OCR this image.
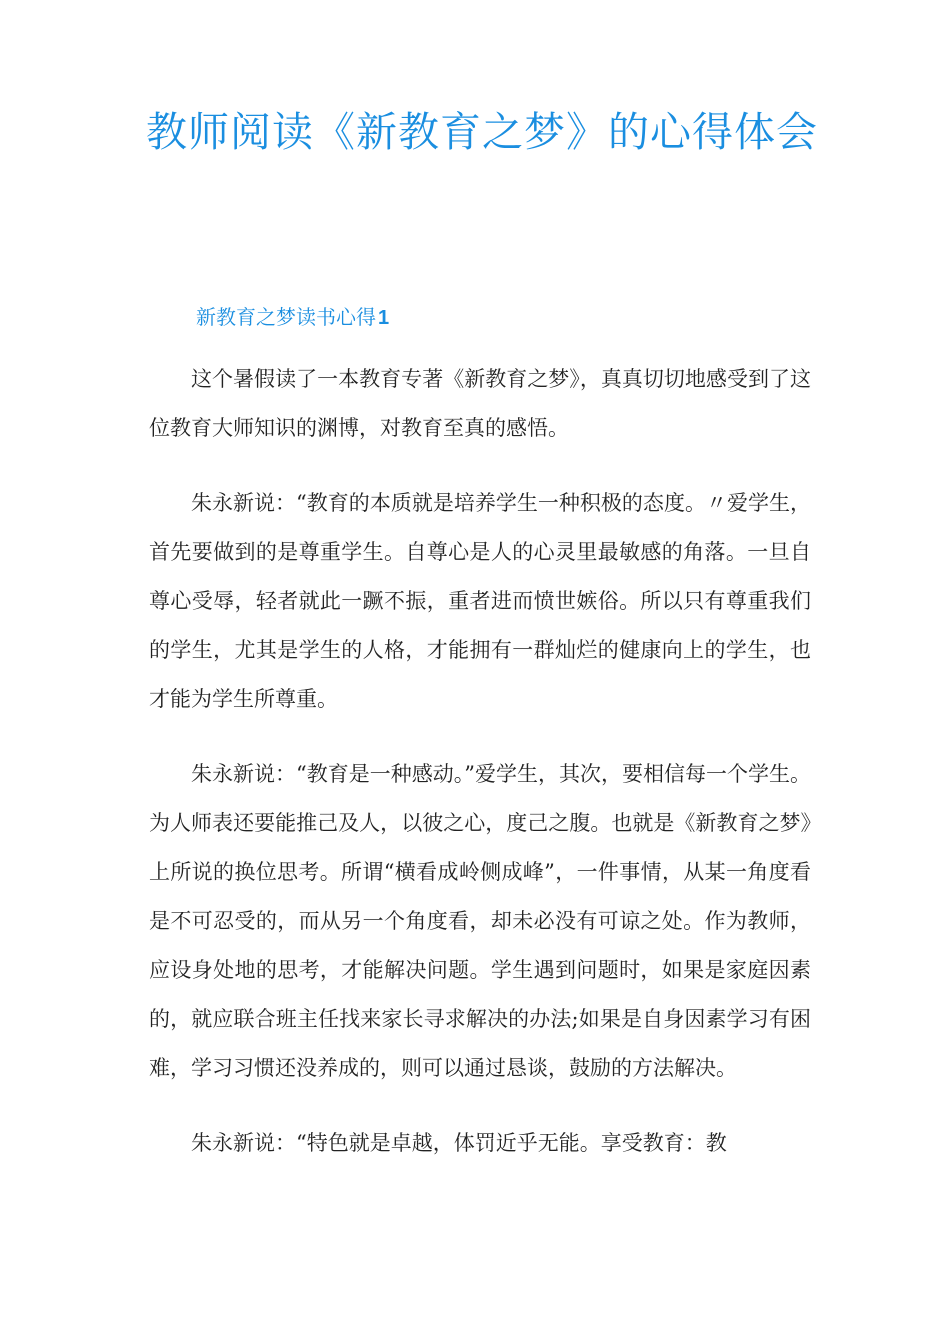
教师阅读《新教育之梦》的心得体会
新教育之梦读书心得 1

这个暑假读了一本教育专著《新教育之梦》，真真切切地感受到了这位教育大师知识的渊博，对教育至真的感悟。

朱永新说：“教育的本质就是培养学生一种积极的态度。〃爱学生，首先要做到的是尊重学生。自尊心是人的心灵里最敏感的角落。一旦自尊心受辱，轻者就此一蹶不振，重者进而愤世嫉俗。所以只有尊重我们的学生，尤其是学生的人格，才能拥有一群灿烂的健康向上的学生，也才能为学生所尊重。

朱永新说：“教育是一种感动。”爱学生，其次，要相信每一个学生。为人师表还要能推己及人，以彼之心，度己之腹。也就是《新教育之梦》上所说的换位思考。所谓“横看成岭侧成峰”，一件事情，从某一角度看是不可忍受的，而从另一个角度看，却未必没有可谅之处。作为教师，应设身处地的思考，才能解决问题。学生遇到问题时，如果是家庭因素的，就应联合班主任找来家长寻求解决的办法;如果是自身因素学习有困难，学习习惯还没养成的，则可以通过恳谈，鼓励的方法解决。

朱永新说：“特色就是卓越，体罚近乎无能。享受教育：教
